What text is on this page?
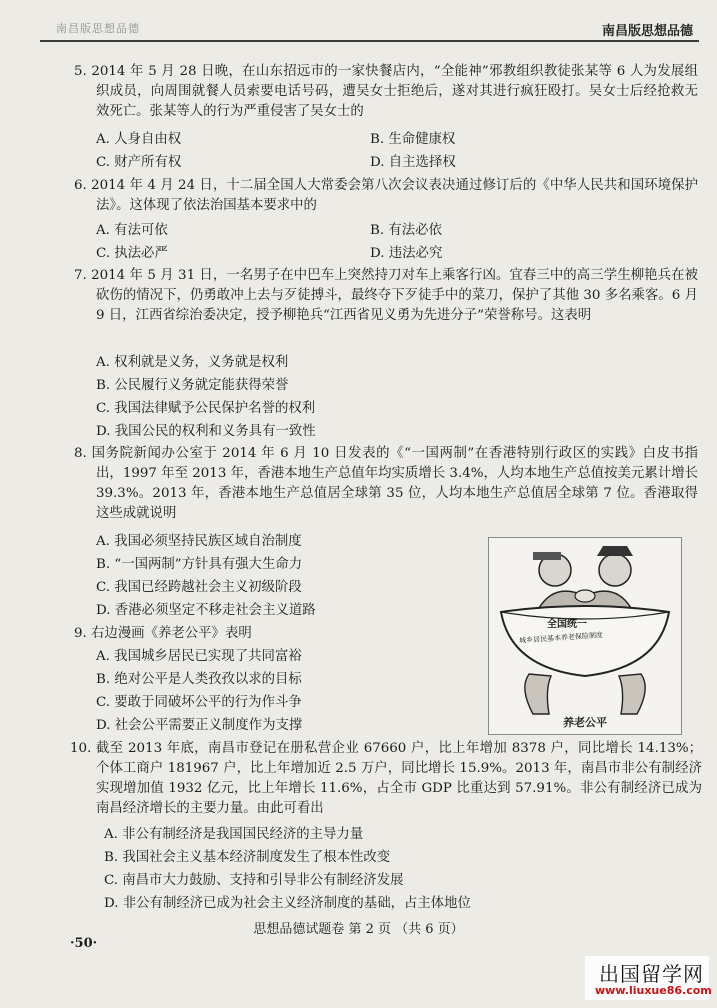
南昌版思想品德	南昌版思想品德
5. 2014 年 5 月 28 日晚，在山东招远市的一家快餐店内，“全能神”邪教组织教徒张某等 6 人为发展组织成员，向周围就餐人员索要电话号码，遭吴女士拒绝后，遂对其进行疯狂殴打。吴女士后经抢救无效死亡。张某等人的行为严重侵害了吴女士的
A. 人身自由权	B. 生命健康权
C. 财产所有权	D. 自主选择权
6. 2014 年 4 月 24 日，十二届全国人大常委会第八次会议表决通过修订后的《中华人民共和国环境保护法》。这体现了依法治国基本要求中的
A. 有法可依	B. 有法必依
C. 执法必严	D. 违法必究
7. 2014 年 5 月 31 日，一名男子在中巴车上突然持刀对车上乘客行凶。宜春三中的高三学生柳艳兵在被砍伤的情况下，仍勇敢冲上去与歹徒搏斗，最终夺下歹徒手中的菜刀，保护了其他 30 多名乘客。6 月 9 日，江西省综治委决定，授予柳艳兵“江西省见义勇为先进分子”荣誉称号。这表明
A. 权利就是义务，义务就是权利
B. 公民履行义务就定能获得荣誉
C. 我国法律赋予公民保护名誉的权利
D. 我国公民的权利和义务具有一致性
8. 国务院新闻办公室于 2014 年 6 月 10 日发表的《“一国两制”在香港特别行政区的实践》白皮书指出，1997 年至 2013 年，香港本地生产总值年均实质增长 3.4%，人均本地生产总值按美元累计增长 39.3%。2013 年，香港本地生产总值居全球第 35 位，人均本地生产总值居全球第 7 位。香港取得这些成就说明
A. 我国必须坚持民族区域自治制度
B. “一国两制”方针具有强大生命力
C. 我国已经跨越社会主义初级阶段
D. 香港必须坚定不移走社会主义道路
9. 右边漫画《养老公平》表明
A. 我国城乡居民已实现了共同富裕
B. 绝对公平是人类孜孜以求的目标
C. 要敢于同破坏公平的行为作斗争
D. 社会公平需要正义制度作为支撑
10. 截至 2013 年底，南昌市登记在册私营企业 67660 户，比上年增加 8378 户，同比增长 14.13%；个体工商户 181967 户，比上年增加近 2.5 万户，同比增长 15.9%。2013 年，南昌市非公有制经济实现增加值 1932 亿元，比上年增长 11.6%，占全市 GDP 比重达到 57.91%。非公有制经济已成为南昌经济增长的主要力量。由此可看出
A. 非公有制经济是我国国民经济的主导力量
B. 我国社会主义基本经济制度发生了根本性改变
C. 南昌市大力鼓励、支持和引导非公有制经济发展
D. 非公有制经济已成为社会主义经济制度的基础，占主体地位
全国统一
城乡居民基本养老保险制度
养老公平
思想品德试题卷 第 2 页 （共 6 页）
·50·
出国留学网
www.liuxue86.com
